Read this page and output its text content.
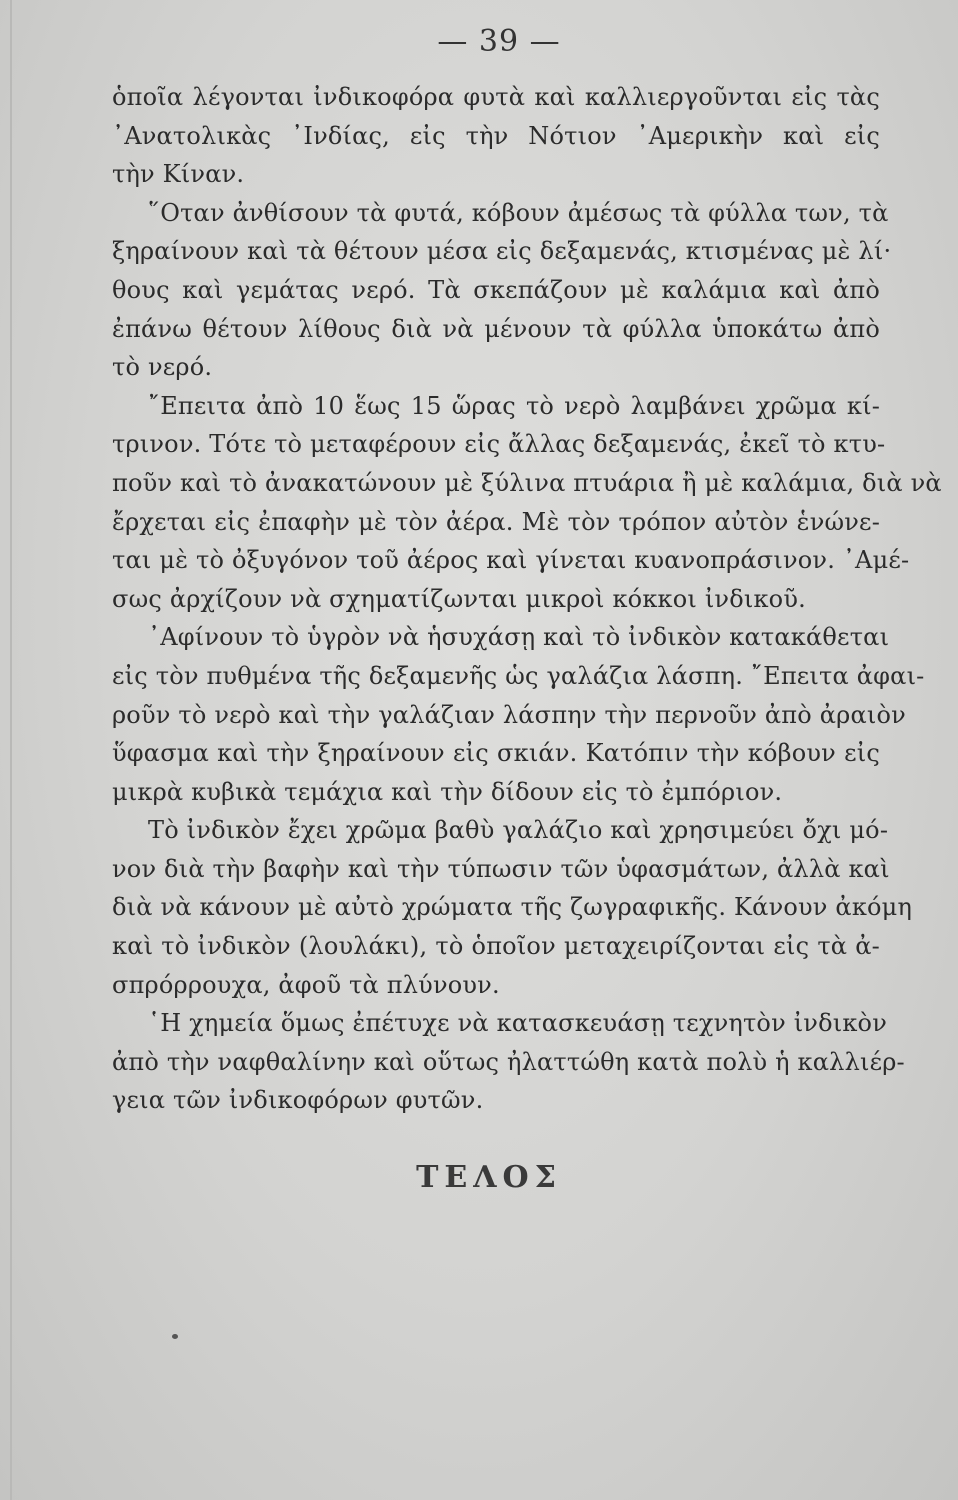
— 39 —
ὁποῖα λέγονται ἰνδικοφόρα φυτὰ καὶ καλλιεργοῦνται εἰς τὰς
᾿Ανατολικὰς ᾿Ινδίας, εἰς τὴν Νότιον ᾿Αμερικὴν καὶ εἰς
τὴν Κίναν.
῞Οταν ἀνθίσουν τὰ φυτά, κόβουν ἀμέσως τὰ φύλλα των, τὰ
ξηραίνουν καὶ τὰ θέτουν μέσα εἰς δεξαμενάς, κτισμένας μὲ λί·
θους καὶ γεμάτας νερό. Τὰ σκεπάζουν μὲ καλάμια καὶ ἀπὸ
ἐπάνω θέτουν λίθους διὰ νὰ μένουν τὰ φύλλα ὑποκάτω ἀπὸ
τὸ νερό.
῎Επειτα ἀπὸ 10 ἕως 15 ὥρας τὸ νερὸ λαμβάνει χρῶμα κί-
τρινον. Τότε τὸ μεταφέρουν εἰς ἄλλας δεξαμενάς, ἐκεῖ τὸ κτυ-
ποῦν καὶ τὸ ἀνακατώνουν μὲ ξύλινα πτυάρια ἢ μὲ καλάμια, διὰ νὰ
ἔρχεται εἰς ἐπαφὴν μὲ τὸν ἀέρα. Μὲ τὸν τρόπον αὐτὸν ἑνώνε-
ται μὲ τὸ ὀξυγόνον τοῦ ἀέρος καὶ γίνεται κυανοπράσινον. ᾿Αμέ-
σως ἀρχίζουν νὰ σχηματίζωνται μικροὶ κόκκοι ἰνδικοῦ.
᾿Αφίνουν τὸ ὑγρὸν νὰ ἡσυχάσῃ καὶ τὸ ἰνδικὸν κατακάθεται
εἰς τὸν πυθμένα τῆς δεξαμενῆς ὡς γαλάζια λάσπη. ῎Επειτα ἀφαι-
ροῦν τὸ νερὸ καὶ τὴν γαλάζιαν λάσπην τὴν περνοῦν ἀπὸ ἀραιὸν
ὕφασμα καὶ τὴν ξηραίνουν εἰς σκιάν. Κατόπιν τὴν κόβουν εἰς
μικρὰ κυβικὰ τεμάχια καὶ τὴν δίδουν εἰς τὸ ἐμπόριον.
Τὸ ἰνδικὸν ἔχει χρῶμα βαθὺ γαλάζιο καὶ χρησιμεύει ὄχι μό-
νον διὰ τὴν βαφὴν καὶ τὴν τύπωσιν τῶν ὑφασμάτων, ἀλλὰ καὶ
διὰ νὰ κάνουν μὲ αὐτὸ χρώματα τῆς ζωγραφικῆς. Κάνουν ἀκόμη
καὶ τὸ ἰνδικὸν (λουλάκι), τὸ ὁποῖον μεταχειρίζονται εἰς τὰ ἀ-
σπρόρρουχα, ἀφοῦ τὰ πλύνουν.
῾Η χημεία ὅμως ἐπέτυχε νὰ κατασκευάσῃ τεχνητὸν ἰνδικὸν
ἀπὸ τὴν ναφθαλίνην καὶ οὕτως ἠλαττώθη κατὰ πολὺ ἡ καλλιέρ-
γεια τῶν ἰνδικοφόρων φυτῶν.
ΤΕΛΟΣ
